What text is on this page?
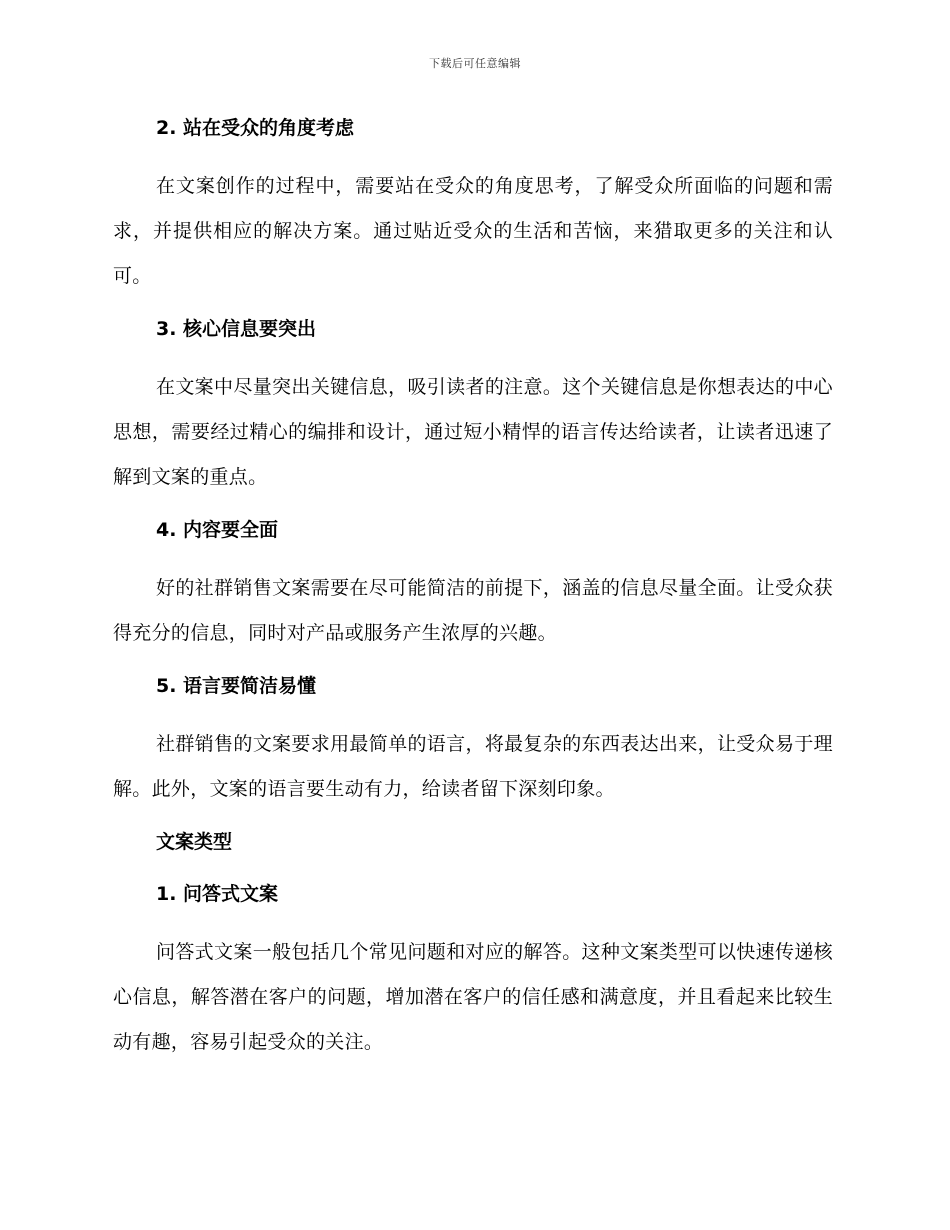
下载后可任意编辑
2. 站在受众的角度考虑

在文案创作的过程中，需要站在受众的角度思考，了解受众所面临的问题和需求，并提供相应的解决方案。通过贴近受众的生活和苦恼，来猎取更多的关注和认可。

3. 核心信息要突出

在文案中尽量突出关键信息，吸引读者的注意。这个关键信息是你想表达的中心思想，需要经过精心的编排和设计，通过短小精悍的语言传达给读者，让读者迅速了解到文案的重点。

4. 内容要全面

好的社群销售文案需要在尽可能简洁的前提下，涵盖的信息尽量全面。让受众获得充分的信息，同时对产品或服务产生浓厚的兴趣。

5. 语言要简洁易懂

社群销售的文案要求用最简单的语言，将最复杂的东西表达出来，让受众易于理解。此外，文案的语言要生动有力，给读者留下深刻印象。

文案类型
1. 问答式文案

问答式文案一般包括几个常见问题和对应的解答。这种文案类型可以快速传递核心信息，解答潜在客户的问题，增加潜在客户的信任感和满意度，并且看起来比较生动有趣，容易引起受众的关注。
